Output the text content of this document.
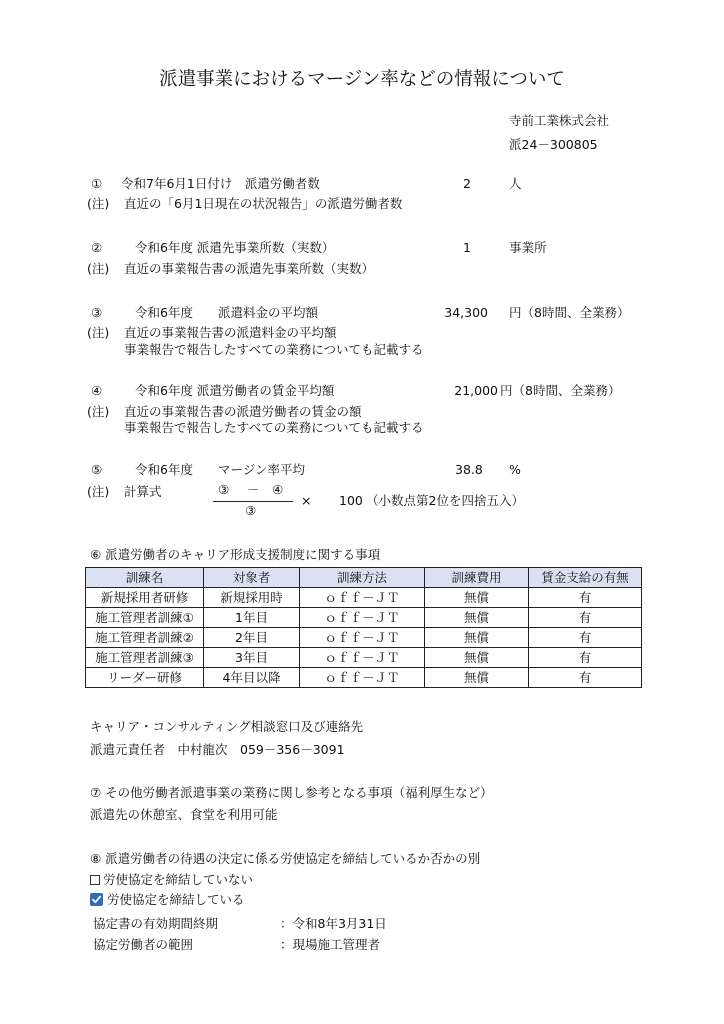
派遣事業におけるマージン率などの情報について
寺前工業株式会社
派24－300805
① 令和7年6月1日付け　派遣労働者数	2	人
(注) 直近の「6月1日現在の状況報告」の派遣労働者数
②	令和6年度 派遣先事業所数（実数）	1	事業所
(注) 直近の事業報告書の派遣先事業所数（実数）
③	令和6年度 派遣料金の平均額	34,300 円（8時間、全業務）
(注) 直近の事業報告書の派遣料金の平均額
事業報告で報告したすべての業務についても記載する
④	令和6年度 派遣労働者の賃金平均額	21,000 円（8時間、全業務）
(注) 直近の事業報告書の派遣労働者の賃金の額
事業報告で報告したすべての業務についても記載する
⑤	令和6年度 マージン率平均	38.8 %
(注) 計算式	③ － ④
③
× 100 （小数点第2位を四捨五入）
⑥ 派遣労働者のキャリア形成支援制度に関する事項
訓練名	対象者	訓練方法	訓練費用	賃金支給の有無
新規採用者研修	新規採用時	ｏｆｆ－ＪＴ	無償	有
施工管理者訓練①	1年目	ｏｆｆ－ＪＴ	無償	有
施工管理者訓練②	2年目	ｏｆｆ－ＪＴ	無償	有
施工管理者訓練③	3年目	ｏｆｆ－ＪＴ	無償	有
リーダー研修	4年目以降	ｏｆｆ－ＪＴ	無償	有
キャリア・コンサルティング相談窓口及び連絡先
派遣元責任者　中村龍次　059－356－3091
⑦ その他労働者派遣事業の業務に関し参考となる事項（福利厚生など）
派遣先の休憩室、食堂を利用可能
⑧ 派遣労働者の待遇の決定に係る労使協定を締結しているか否かの別
労使協定を締結していない
労使協定を締結している
協定書の有効期間終期	：令和8年3月31日
協定労働者の範囲	：現場施工管理者
